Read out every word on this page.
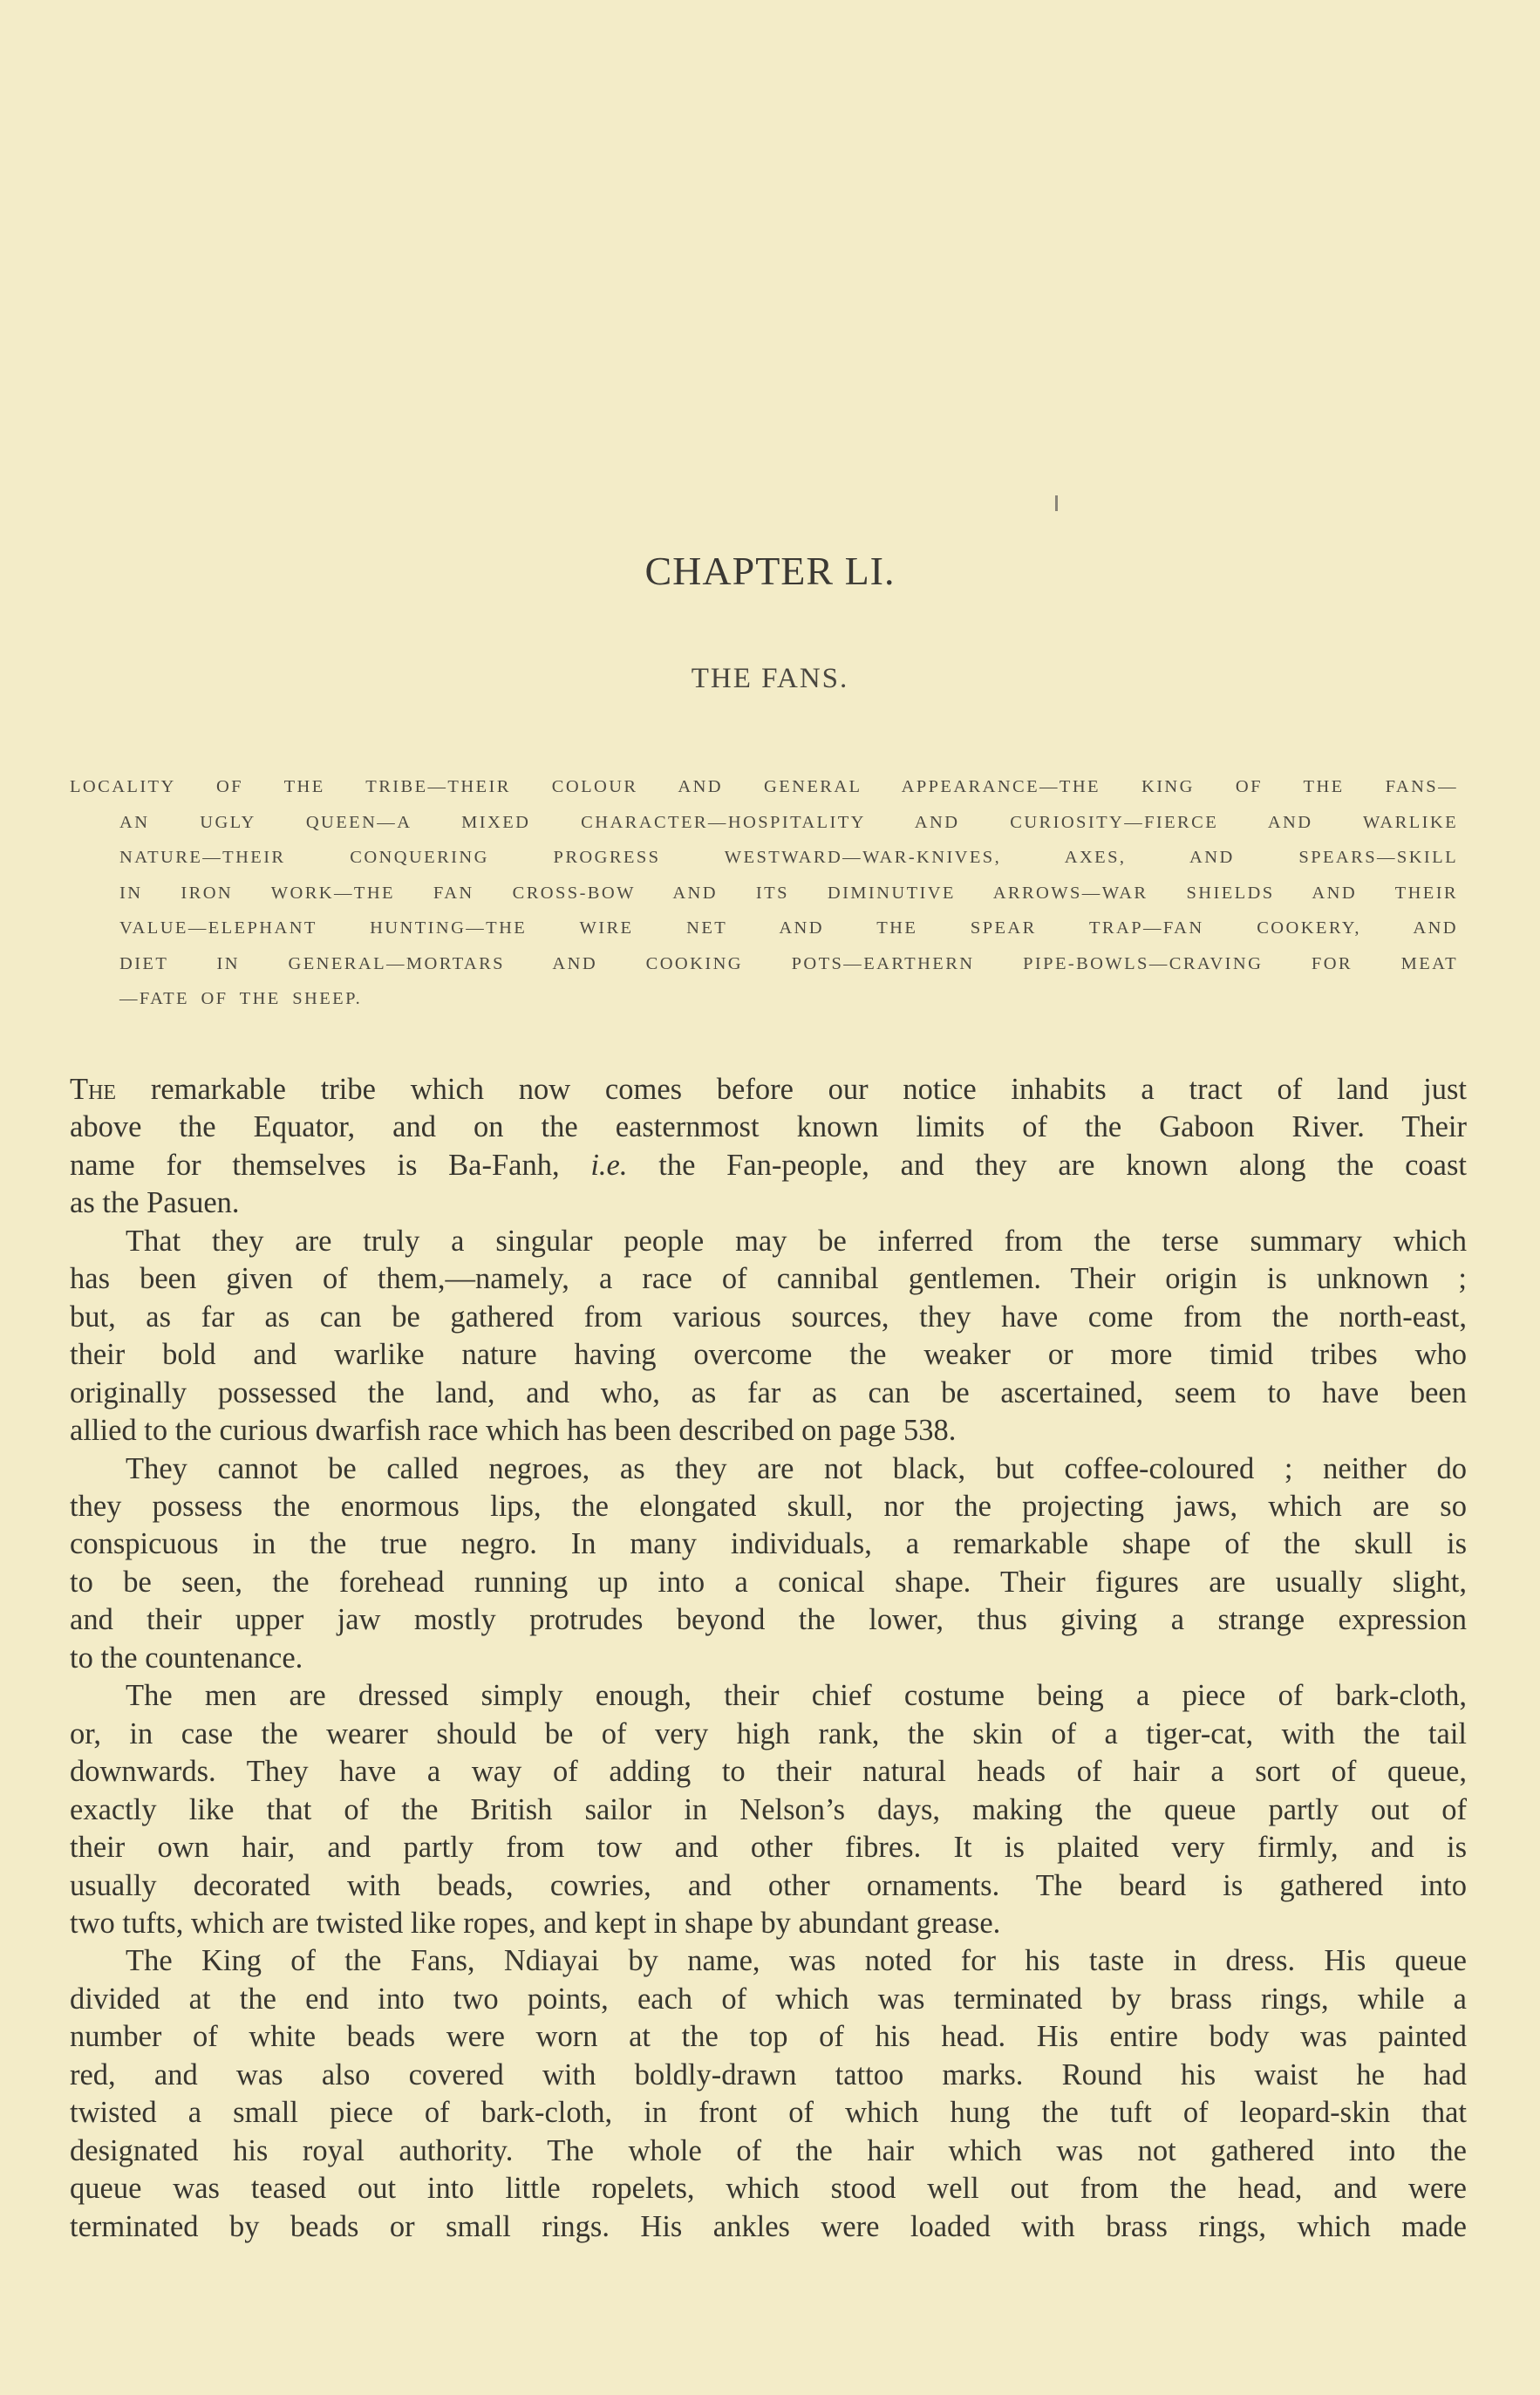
CHAPTER LI.
THE FANS.
LOCALITY OF THE TRIBE—THEIR COLOUR AND GENERAL APPEARANCE—THE KING OF THE FANS—
AN UGLY QUEEN—A MIXED CHARACTER—HOSPITALITY AND CURIOSITY—FIERCE AND WARLIKE
NATURE—THEIR CONQUERING PROGRESS WESTWARD—WAR-KNIVES, AXES, AND SPEARS—SKILL
IN IRON WORK—THE FAN CROSS-BOW AND ITS DIMINUTIVE ARROWS—WAR SHIELDS AND THEIR
VALUE—ELEPHANT HUNTING—THE WIRE NET AND THE SPEAR TRAP—FAN COOKERY, AND
DIET IN GENERAL—MORTARS AND COOKING POTS—EARTHERN PIPE-BOWLS—CRAVING FOR MEAT
—FATE OF THE SHEEP.
The remarkable tribe which now comes before our notice inhabits a tract of land just
above the Equator, and on the easternmost known limits of the Gaboon River. Their
name for themselves is Ba-Fanh, i.e. the Fan-people, and they are known along the coast
as the Pasuen.
That they are truly a singular people may be inferred from the terse summary which
has been given of them,—namely, a race of cannibal gentlemen. Their origin is unknown ;
but, as far as can be gathered from various sources, they have come from the north-east,
their bold and warlike nature having overcome the weaker or more timid tribes who
originally possessed the land, and who, as far as can be ascertained, seem to have been
allied to the curious dwarfish race which has been described on page 538.
They cannot be called negroes, as they are not black, but coffee-coloured ; neither do
they possess the enormous lips, the elongated skull, nor the projecting jaws, which are so
conspicuous in the true negro. In many individuals, a remarkable shape of the skull is
to be seen, the forehead running up into a conical shape. Their figures are usually slight,
and their upper jaw mostly protrudes beyond the lower, thus giving a strange expression
to the countenance.
The men are dressed simply enough, their chief costume being a piece of bark-cloth,
or, in case the wearer should be of very high rank, the skin of a tiger-cat, with the tail
downwards. They have a way of adding to their natural heads of hair a sort of queue,
exactly like that of the British sailor in Nelson’s days, making the queue partly out of
their own hair, and partly from tow and other fibres. It is plaited very firmly, and is
usually decorated with beads, cowries, and other ornaments. The beard is gathered into
two tufts, which are twisted like ropes, and kept in shape by abundant grease.
The King of the Fans, Ndiayai by name, was noted for his taste in dress. His queue
divided at the end into two points, each of which was terminated by brass rings, while a
number of white beads were worn at the top of his head. His entire body was painted
red, and was also covered with boldly-drawn tattoo marks. Round his waist he had
twisted a small piece of bark-cloth, in front of which hung the tuft of leopard-skin that
designated his royal authority. The whole of the hair which was not gathered into the
queue was teased out into little ropelets, which stood well out from the head, and were
terminated by beads or small rings. His ankles were loaded with brass rings, which made
